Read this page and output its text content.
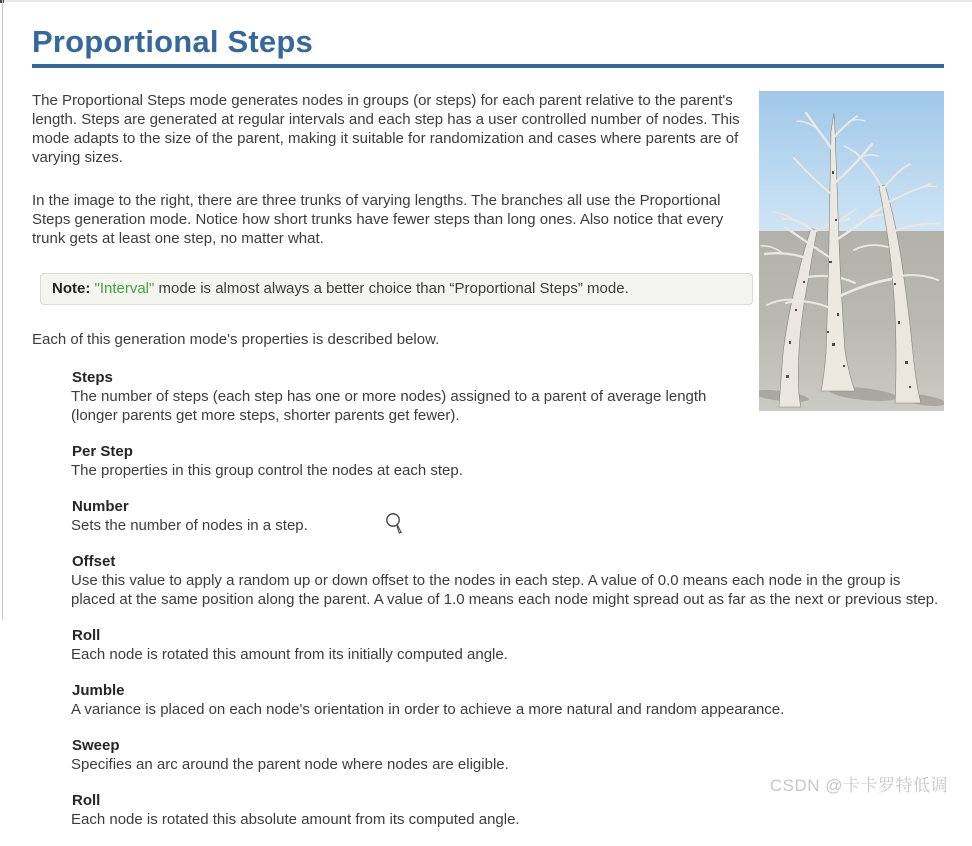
Proportional Steps

The Proportional Steps mode generates nodes in groups (or steps) for each parent relative to the parent's length. Steps are generated at regular intervals and each step has a user controlled number of nodes. This mode adapts to the size of the parent, making it suitable for randomization and cases where parents are of varying sizes.

In the image to the right, there are three trunks of varying lengths. The branches all use the Proportional Steps generation mode. Notice how short trunks have fewer steps than long ones. Also notice that every trunk gets at least one step, no matter what.

Note: "Interval" mode is almost always a better choice than “Proportional Steps” mode.

Each of this generation mode's properties is described below.

Steps
The number of steps (each step has one or more nodes) assigned to a parent of average length (longer parents get more steps, shorter parents get fewer).
Per Step
The properties in this group control the nodes at each step.
Number
Sets the number of nodes in a step.
Offset
Use this value to apply a random up or down offset to the nodes in each step. A value of 0.0 means each node in the group is placed at the same position along the parent. A value of 1.0 means each node might spread out as far as the next or previous step.
Roll
Each node is rotated this amount from its initially computed angle.
Jumble
A variance is placed on each node's orientation in order to achieve a more natural and random appearance.
Sweep
Specifies an arc around the parent node where nodes are eligible.
Roll
Each node is rotated this absolute amount from its computed angle.
CSDN @卡卡罗特低调
